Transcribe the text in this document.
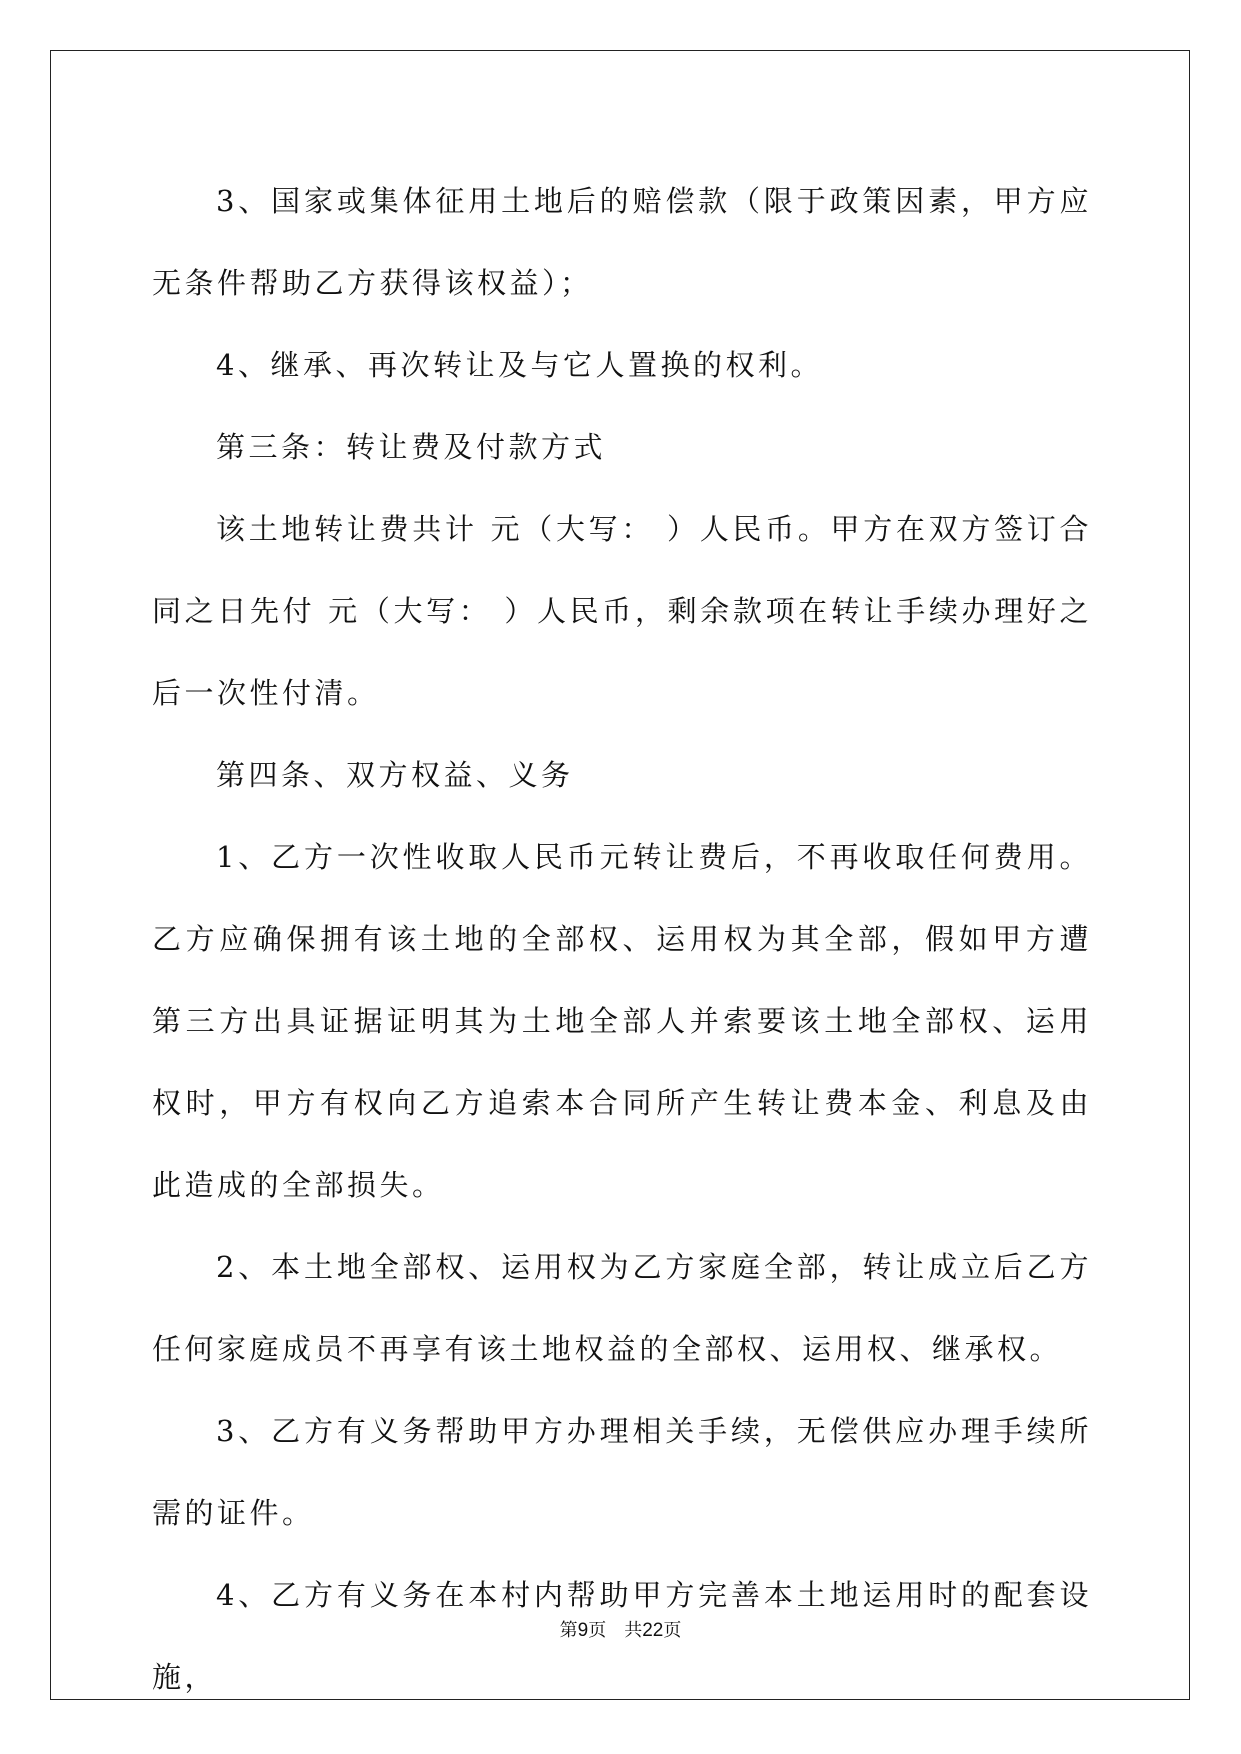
3、国家或集体征用土地后的赔偿款（限于政策因素，甲方应无条件帮助乙方获得该权益）；

4、继承、再次转让及与它人置换的权利。

第三条：转让费及付款方式

该土地转让费共计 元（大写： ）人民币。甲方在双方签订合同之日先付 元（大写： ）人民币，剩余款项在转让手续办理好之后一次性付清。

第四条、双方权益、义务

1、乙方一次性收取人民币元转让费后，不再收取任何费用。乙方应确保拥有该土地的全部权、运用权为其全部，假如甲方遭第三方出具证据证明其为土地全部人并索要该土地全部权、运用权时，甲方有权向乙方追索本合同所产生转让费本金、利息及由此造成的全部损失。

2、本土地全部权、运用权为乙方家庭全部，转让成立后乙方任何家庭成员不再享有该土地权益的全部权、运用权、继承权。

3、乙方有义务帮助甲方办理相关手续，无偿供应办理手续所需的证件。

4、乙方有义务在本村内帮助甲方完善本土地运用时的配套设施，

第9页 共22页
